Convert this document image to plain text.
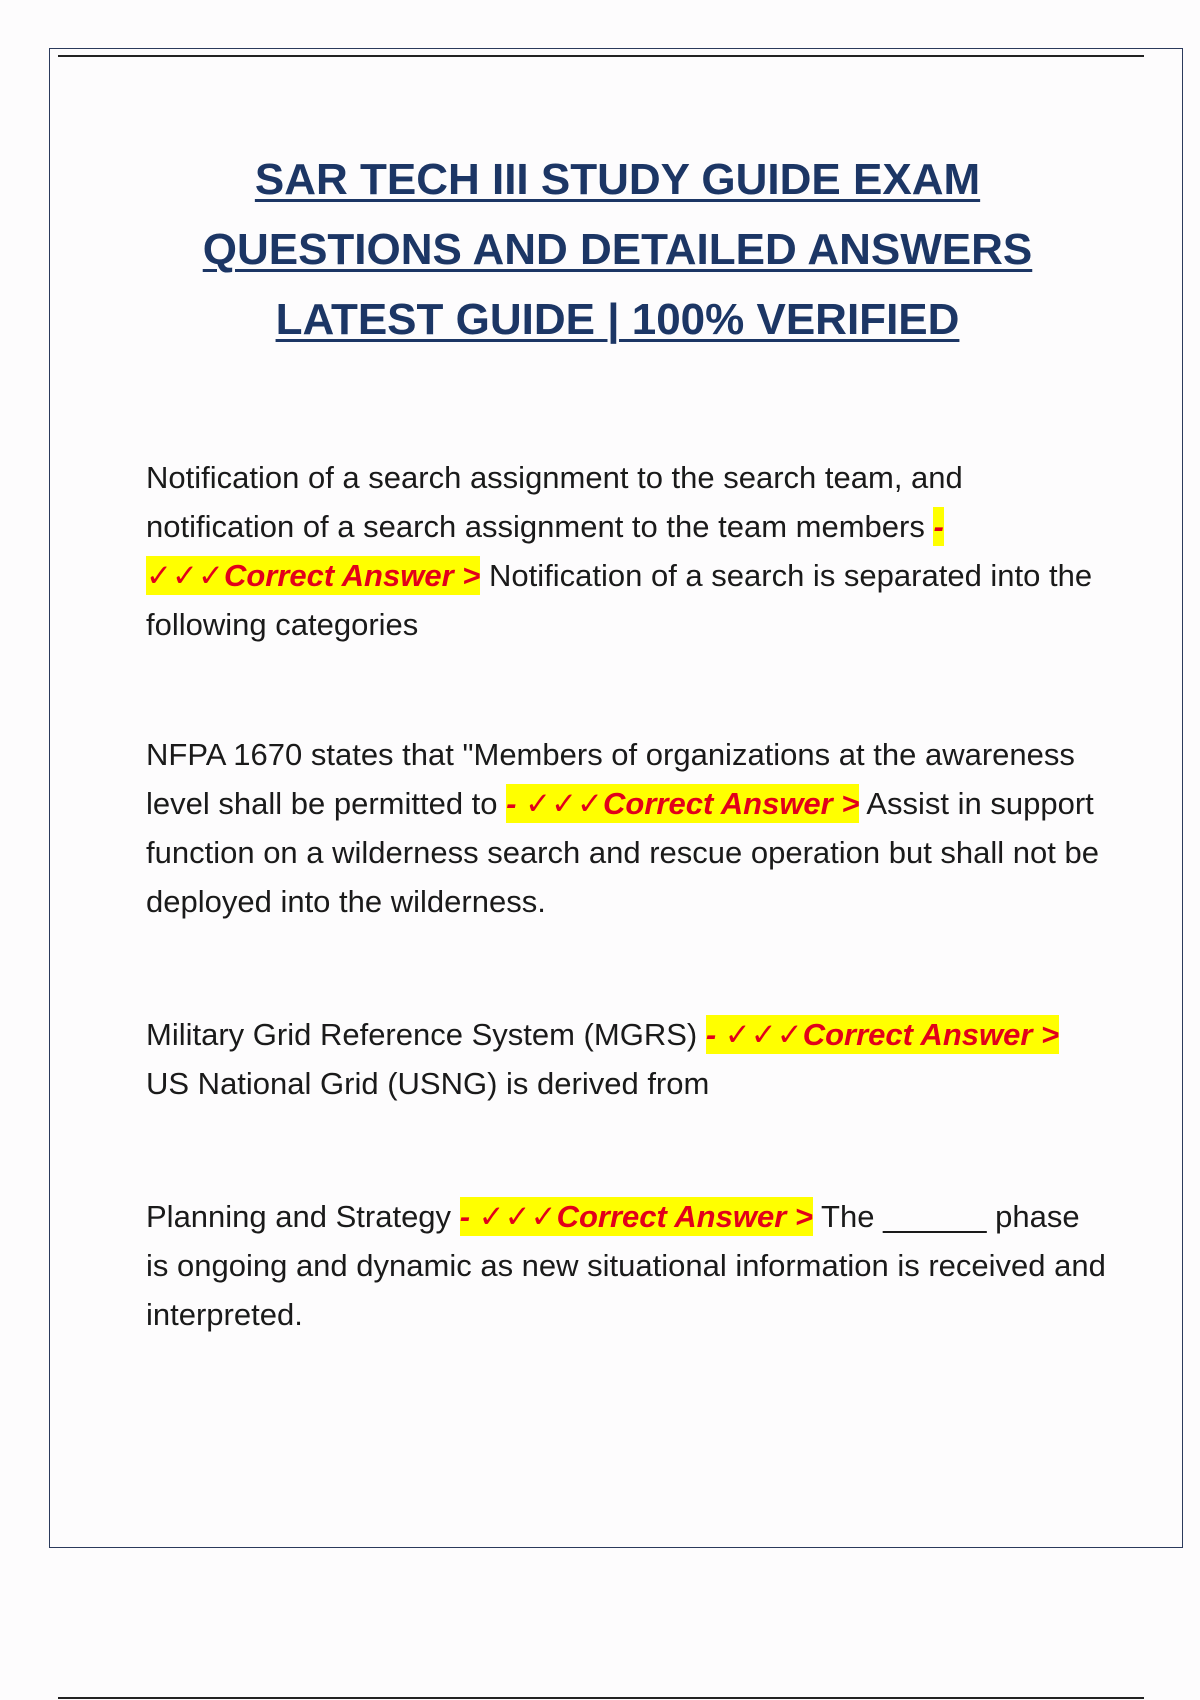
SAR TECH III STUDY GUIDE EXAM
QUESTIONS AND DETAILED ANSWERS
LATEST GUIDE | 100% VERIFIED
Notification of a search assignment to the search team, and notification of a search assignment to the team members - ✓✓✓Correct Answer > Notification of a search is separated into the following categories
NFPA 1670 states that "Members of organizations at the awareness level shall be permitted to - ✓✓✓Correct Answer > Assist in support function on a wilderness search and rescue operation but shall not be deployed into the wilderness.
Military Grid Reference System (MGRS) - ✓✓✓Correct Answer > US National Grid (USNG) is derived from
Planning and Strategy - ✓✓✓Correct Answer > The ______ phase is ongoing and dynamic as new situational information is received and interpreted.
